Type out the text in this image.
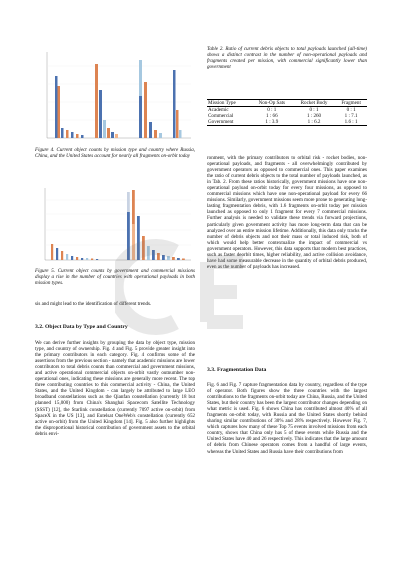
Figure 4. Current object counts by mission type and country where Russia, China, and the United States account for nearly all fragments on-orbit today
Figure 5. Current object counts by government and commercial missions display a rise in the number of countries with operational payloads in both mission types.
sis and might lead to the identification of different trends.
3.2. Object Data by Type and Country
We can derive further insights by grouping the data by object type, mission type, and country of ownership. Fig. 4 and Fig. 5 provide greater insight into the primary contributors in each category. Fig. 4 confirms some of the assertions from the previous section - namely that academic missions are lower contributors to total debris counts than commercial and government missions, and active operational commercial objects on-orbit vastly outnumber non-operational ones, indicating these missions are generally more recent. The top three contributing countries to this commercial activity - China, the United States, and the United Kingdom - can largely be attributed to large LEO broadband constellations such as the Qianfan constellation (currently 18 but planned 15,000) from China's Shanghai Spacecom Satellite Technology (SSST) [12], the Starlink constellation (currently 7097 active on-orbit) from SpaceX in the US [13], and Eutelsat OneWeb's constellation (currently 652 active on-orbit) from the United Kingdom [14]. Fig. 5 also further highlights the disproportional historical contribution of government assets to the orbital debris envi-
Table 2. Ratio of current debris objects to total payloads launched (all-time) shows a distinct contrast in the number of non-operational payloads and fragments created per mission, with commercial significantly lower than government
Mission Type	Non-Op Sats	Rocket Body	Fragment
Academic	0 : 1	0 : 1	0 : 1
Commercial	1 : 66	1 : 260	1 : 7.1
Government	1 : 3.9	1 : 6.2	1.6 : 1
ronment, with the primary contributors to orbital risk - rocket bodies, non-operational payloads, and fragments - all overwhelmingly contributed by government operators as opposed to commercial ones. This paper examines the ratio of current debris objects to the total number of payloads launched, as in Tab. 2. From these ratios historically, government missions have one non-operational payload on-orbit today for every four missions, as opposed to commercial missions which have one non-operational payload for every 66 missions. Similarly, government missions seem more prone to generating long-lasting fragmentation debris, with 1.6 fragments on-orbit today per mission launched as opposed to only 1 fragment for every 7 commercial missions. Further analysis is needed to validate these trends via forward projections, particularly given government activity has more long-term data that can be analyzed over an entire mission lifetime. Additionally, this data only tracks the number of debris objects and not their mass or total induced risk, both of which would help better contextualize the impact of commercial vs government operators. However, this data supports that modern best practices, such as faster deorbit times, higher reliability, and active collision avoidance, have had some measurable decrease in the quantity of orbital debris produced, even as the number of payloads has increased.
3.3. Fragmentation Data
Fig. 6 and Fig. 7 capture fragmentation data by country, regardless of the type of operator. Both figures show the three countries with the largest contributions to the fragments on-orbit today are China, Russia, and the United States, but their country has been the largest contributor changes depending on what metric is used. Fig. 6 shows China has contributed almost 40% of all fragments on-orbit today, with Russia and the United States shortly behind sharing similar contributions of 30% and 28% respectively. However Fig. 7, which captures how many of these Top 75 events involved missions from each country, shows that China only has 5 of these events while Russia and the United States have 40 and 26 respectively. This indicates that the large amount of debris from Chinese operators comes from a handful of large events, whereas the United States and Russia have their contributions from
